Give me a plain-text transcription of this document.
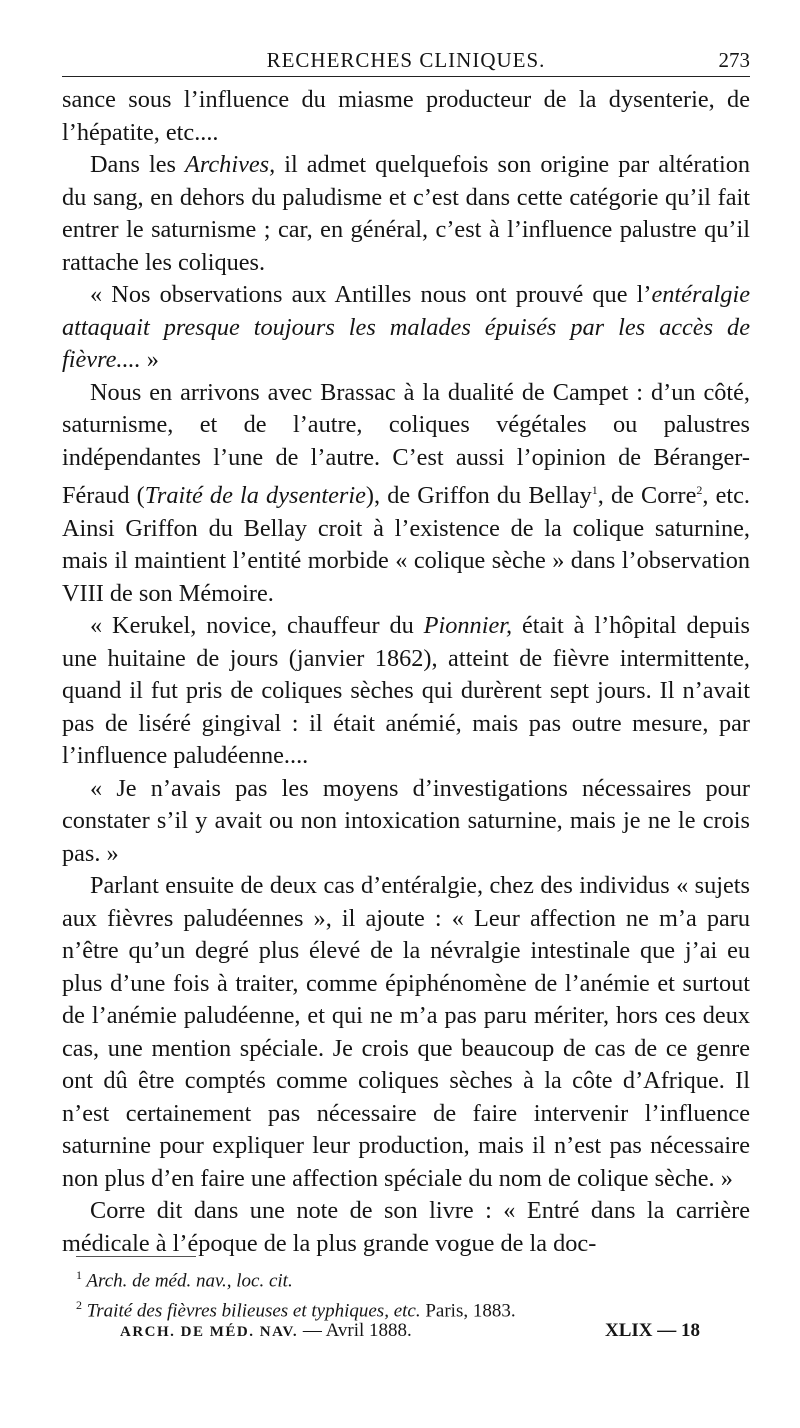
RECHERCHES CLINIQUES.	273

sance sous l’influence du miasme producteur de la dysenterie, de l’hépatite, etc....

Dans les Archives, il admet quelquefois son origine par altération du sang, en dehors du paludisme et c’est dans cette catégorie qu’il fait entrer le saturnisme ; car, en général, c’est à l’influence palustre qu’il rattache les coliques.

« Nos observations aux Antilles nous ont prouvé que l’entéralgie attaquait presque toujours les malades épuisés par les accès de fièvre.... »

Nous en arrivons avec Brassac à la dualité de Campet : d’un côté, saturnisme, et de l’autre, coliques végétales ou palustres indépendantes l’une de l’autre. C’est aussi l’opinion de Béranger-Féraud (Traité de la dysenterie), de Griffon du Bellay$^1$, de Corre$^2$, etc. Ainsi Griffon du Bellay croit à l’existence de la colique saturnine, mais il maintient l’entité morbide « colique sèche » dans l’observation VIII de son Mémoire.

« Kerukel, novice, chauffeur du Pionnier, était à l’hôpital depuis une huitaine de jours (janvier 1862), atteint de fièvre intermittente, quand il fut pris de coliques sèches qui durèrent sept jours. Il n’avait pas de liséré gingival : il était anémié, mais pas outre mesure, par l’influence paludéenne....

« Je n’avais pas les moyens d’investigations nécessaires pour constater s’il y avait ou non intoxication saturnine, mais je ne le crois pas. »

Parlant ensuite de deux cas d’entéralgie, chez des individus « sujets aux fièvres paludéennes », il ajoute : « Leur affection ne m’a paru n’être qu’un degré plus élevé de la névralgie intestinale que j’ai eu plus d’une fois à traiter, comme épiphénomène de l’anémie et surtout de l’anémie paludéenne, et qui ne m’a pas paru mériter, hors ces deux cas, une mention spéciale. Je crois que beaucoup de cas de ce genre ont dû être comptés comme coliques sèches à la côte d’Afrique. Il n’est certainement pas nécessaire de faire intervenir l’influence saturnine pour expliquer leur production, mais il n’est pas nécessaire non plus d’en faire une affection spéciale du nom de colique sèche. »

Corre dit dans une note de son livre : « Entré dans la carrière médicale à l’époque de la plus grande vogue de la doc-

$^1$ Arch. de méd. nav., loc. cit.
$^2$ Traité des fièvres bilieuses et typhiques, etc. Paris, 1883.
ARCH. DE MÉD. NAV. — Avril 1888.	XLIX — 18
